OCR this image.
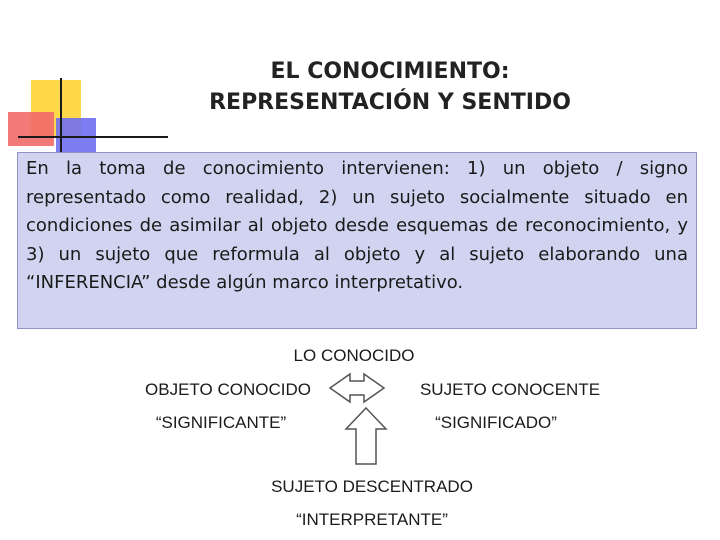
EL CONOCIMIENTO:
REPRESENTACIÓN Y SENTIDO
En la toma de conocimiento intervienen: 1) un objeto / signo representado como realidad, 2) un sujeto socialmente situado en condiciones de asimilar al objeto desde esquemas de reconocimiento, y 3) un sujeto que reformula al objeto y al sujeto elaborando una “INFERENCIA” desde algún marco interpretativo.
LO CONOCIDO
OBJETO CONOCIDO
“SIGNIFICANTE”
SUJETO CONOCENTE
“SIGNIFICADO”
SUJETO DESCENTRADO
“INTERPRETANTE”
